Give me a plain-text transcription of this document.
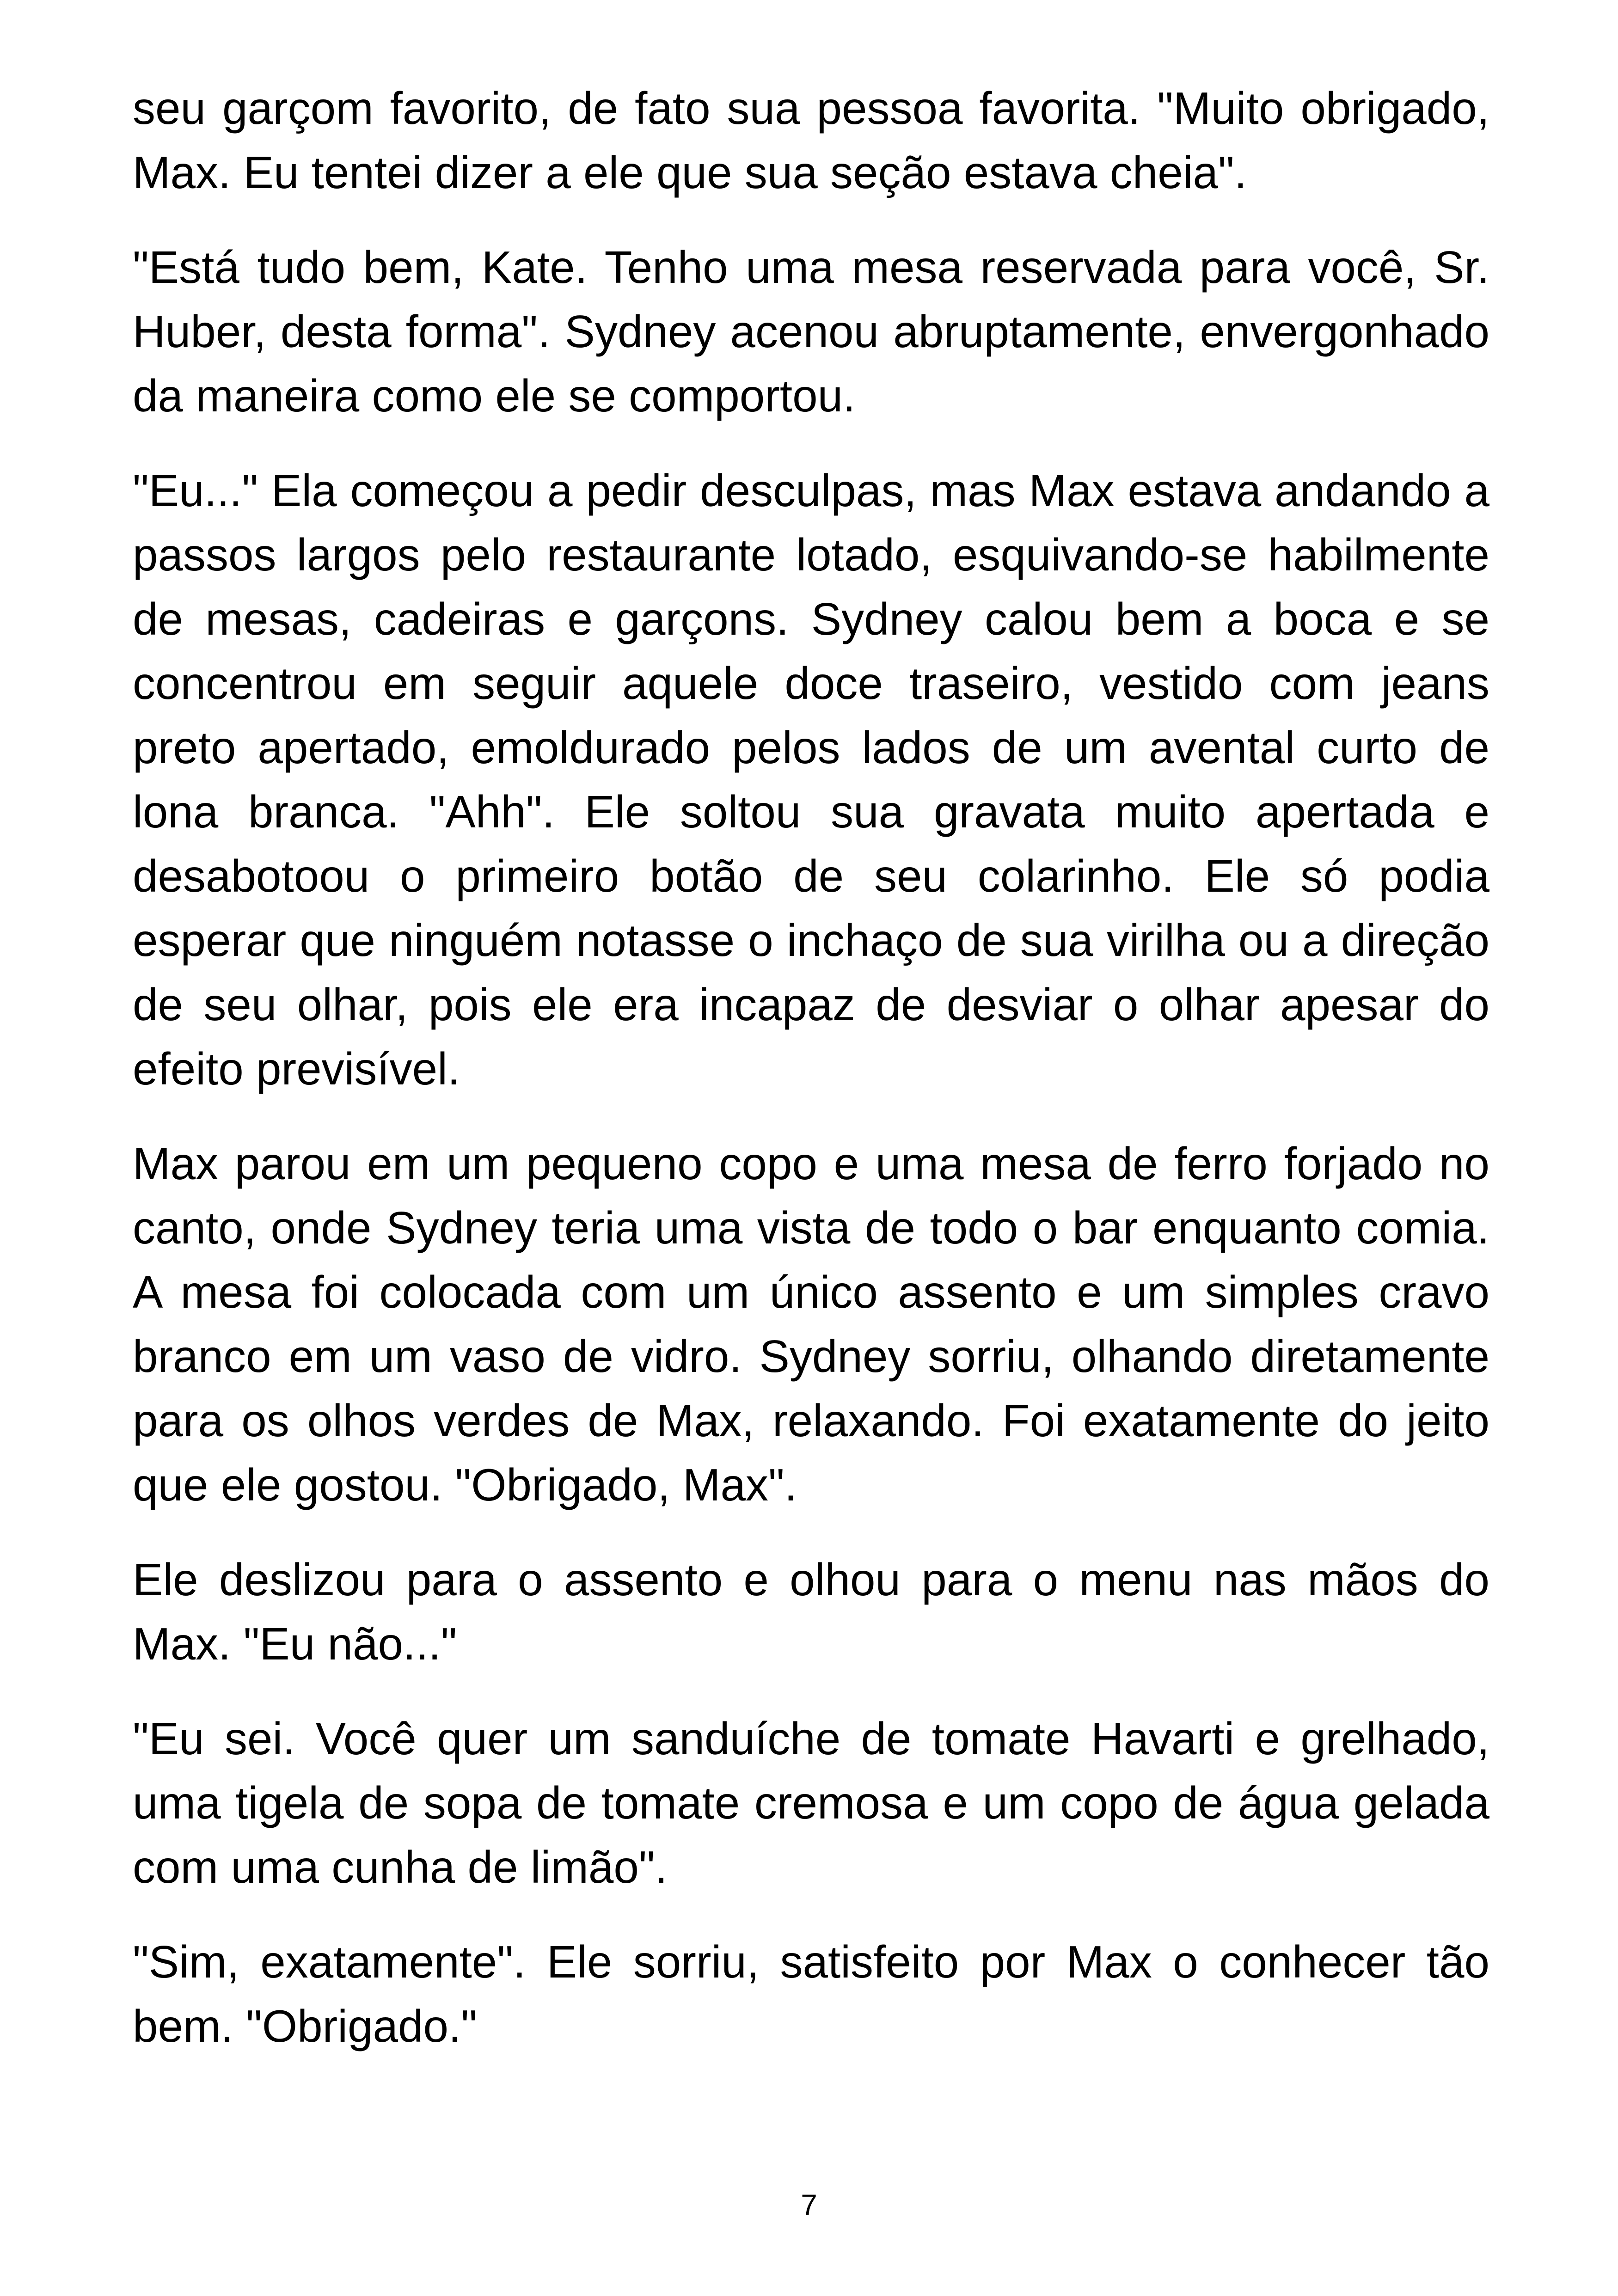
seu garçom favorito, de fato sua pessoa favorita. "Muito obrigado, Max. Eu tentei dizer a ele que sua seção estava cheia".

"Está tudo bem, Kate. Tenho uma mesa reservada para você, Sr. Huber, desta forma". Sydney acenou abruptamente, envergonhado da maneira como ele se comportou.

"Eu..." Ela começou a pedir desculpas, mas Max estava andando a passos largos pelo restaurante lotado, esquivando-se habilmente de mesas, cadeiras e garçons. Sydney calou bem a boca e se concentrou em seguir aquele doce traseiro, vestido com jeans preto apertado, emoldurado pelos lados de um avental curto de lona branca. "Ahh". Ele soltou sua gravata muito apertada e desabotoou o primeiro botão de seu colarinho. Ele só podia esperar que ninguém notasse o inchaço de sua virilha ou a direção de seu olhar, pois ele era incapaz de desviar o olhar apesar do efeito previsível.

Max parou em um pequeno copo e uma mesa de ferro forjado no canto, onde Sydney teria uma vista de todo o bar enquanto comia. A mesa foi colocada com um único assento e um simples cravo branco em um vaso de vidro. Sydney sorriu, olhando diretamente para os olhos verdes de Max, relaxando. Foi exatamente do jeito que ele gostou. "Obrigado, Max".

Ele deslizou para o assento e olhou para o menu nas mãos do Max. "Eu não..."

"Eu sei. Você quer um sanduíche de tomate Havarti e grelhado, uma tigela de sopa de tomate cremosa e um copo de água gelada com uma cunha de limão".

"Sim, exatamente". Ele sorriu, satisfeito por Max o conhecer tão bem. "Obrigado."

7
